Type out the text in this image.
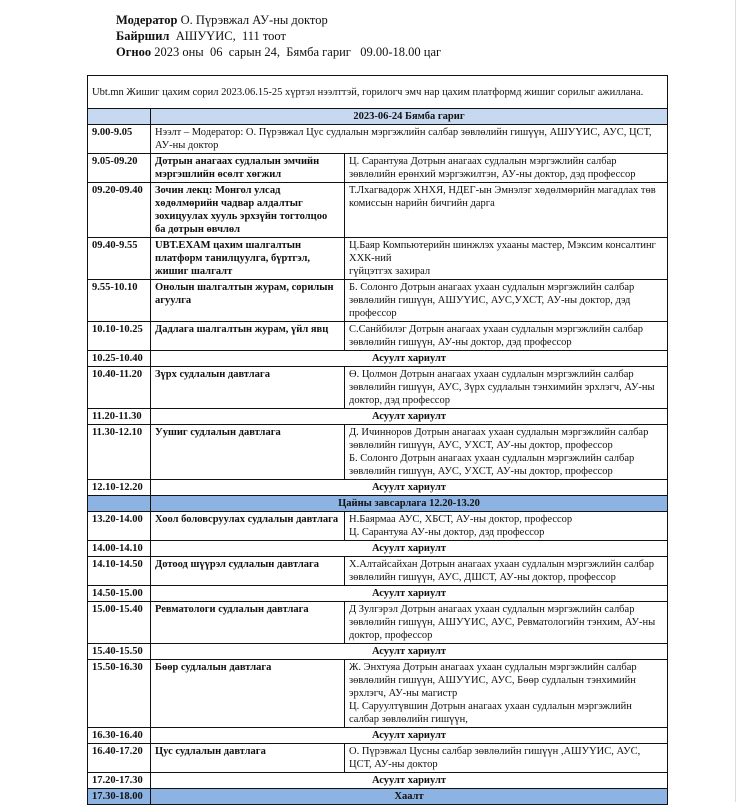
Модератор О. Пүрэвжал АУ-ны доктор
Байршил  АШУҮИС,  111 тоот
Огноо 2023 оны  06  сарын 24,  Бямба гариг   09.00-18.00 цаг
Ubt.mn Жишиг цахим сорил 2023.06.15-25 хүртэл нээлттэй, горилогч эмч нар цахим платформд жишиг сорилыг ажиллана.		
	2023-06-24 Бямба гариг	
9.00-9.05	Нээлт – Модератор: О. Пүрэвжал Цус судлалын мэргэжлийн салбар зөвлөлийн гишүүн, АШУҮИС, АУС, ЦСТ, АУ-ны доктор	
9.05-09.20	Дотрын анагаах судлалын эмчийн мэргэшлийн өсөлт хөгжил	Ц. Сарантуяа Дотрын анагаах судлалын мэргэжлийн салбар зөвлөлийн ерөнхий мэргэжилтэн, АУ-ны доктор, дэд профессор

09.20-09.40	Зочин лекц: Монгол улсад хөдөлмөрийн чадвар алдалтыг зохицуулах хууль эрхзүйн тогтолцоо ба дотрын өвчлөл	Т.Лхагвадорж ХНХЯ, НДЕГ-ын Эмнэлэг хөдөлмөрийн магадлах төв комиссын нарийн бичгийн дарга

09.40-9.55	UBT.EXAM цахим шалгалтын платформ танилцуулга, бүртгэл, жишиг шалгалт	Ц.Баяр Компьютерийн шинжлэх ухааны мастер, Мэксим консалтинг ХХК-ний
гүйцэтгэх захирал

9.55-10.10	Онолын шалгалтын журам, сорилын агуулга	Б. Солонго Дотрын анагаах ухаан судлалын мэргэжлийн салбар зөвлөлийн гишүүн, АШУҮИС, АУС,УХСТ, АУ-ны доктор, дэд профессор

10.10-10.25	Дадлага шалгалтын журам, үйл явц	С.Санйбилэг Дотрын анагаах ухаан судлалын мэргэжлийн салбар зөвлөлийн гишүүн, АУ-ны доктор, дэд профессор

10.25-10.40	Асуулт хариулт	
10.40-11.20	Зүрх судлалын давтлага	Ө. Цолмон Дотрын анагаах ухаан судлалын мэргэжлийн салбар зөвлөлийн гишүүн, АУС, Зүрх судлалын тэнхимийн эрхлэгч, АУ-ны доктор, дэд профессор

11.20-11.30	Асуулт хариулт	
11.30-12.10	Уушиг судлалын давтлага	Д. Ичинноров Дотрын анагаах ухаан судлалын мэргэжлийн салбар зөвлөлийн гишүүн, АУС, УХСТ, АУ-ны доктор, профессор
Б. Солонго Дотрын анагаах ухаан судлалын мэргэжлийн салбар зөвлөлийн гишүүн, АУС, УХСТ, АУ-ны доктор, профессор

12.10-12.20	Асуулт хариулт	
	Цайны завсарлага 12.20-13.20	
13.20-14.00	Хоол боловсруулах судлалын давтлага	Н.Баярмаа АУС, ХБСТ, АУ-ны доктор, профессор
Ц. Сарантуяа АУ-ны доктор, дэд профессор

14.00-14.10	Асуулт хариулт	
14.10-14.50	Дотоод шүүрэл судлалын давтлага	Х.Алтайсайхан Дотрын анагаах ухаан судлалын мэргэжлийн салбар зөвлөлийн гишүүн, АУС, ДШСТ, АУ-ны доктор, профессор

14.50-15.00	Асуулт хариулт	
15.00-15.40	Ревматологи судлалын давтлага	Д Зулгэрэл Дотрын анагаах ухаан судлалын мэргэжлийн салбар зөвлөлийн гишүүн, АШУҮИС, АУС, Ревматологийн тэнхим, АУ-ны доктор, профессор

15.40-15.50	Асуулт хариулт	
15.50-16.30	Бөөр судлалын давтлага	Ж. Энхтуяа Дотрын анагаах ухаан судлалын мэргэжлийн салбар зөвлөлийн гишүүн, АШУҮИС, АУС, Бөөр судлалын тэнхимийн эрхлэгч, АУ-ны магистр
Ц. Саруултүвшин Дотрын анагаах ухаан судлалын мэргэжлийн салбар зөвлөлийн гишүүн,

16.30-16.40	Асуулт хариулт	
16.40-17.20	Цус судлалын давтлага	О. Пүрэвжал Цусны салбар зөвлөлийн гишүүн ,АШУҮИС, АУС, ЦСТ, АУ-ны доктор

17.20-17.30	Асуулт хариулт	
17.30-18.00	Хаалт	
